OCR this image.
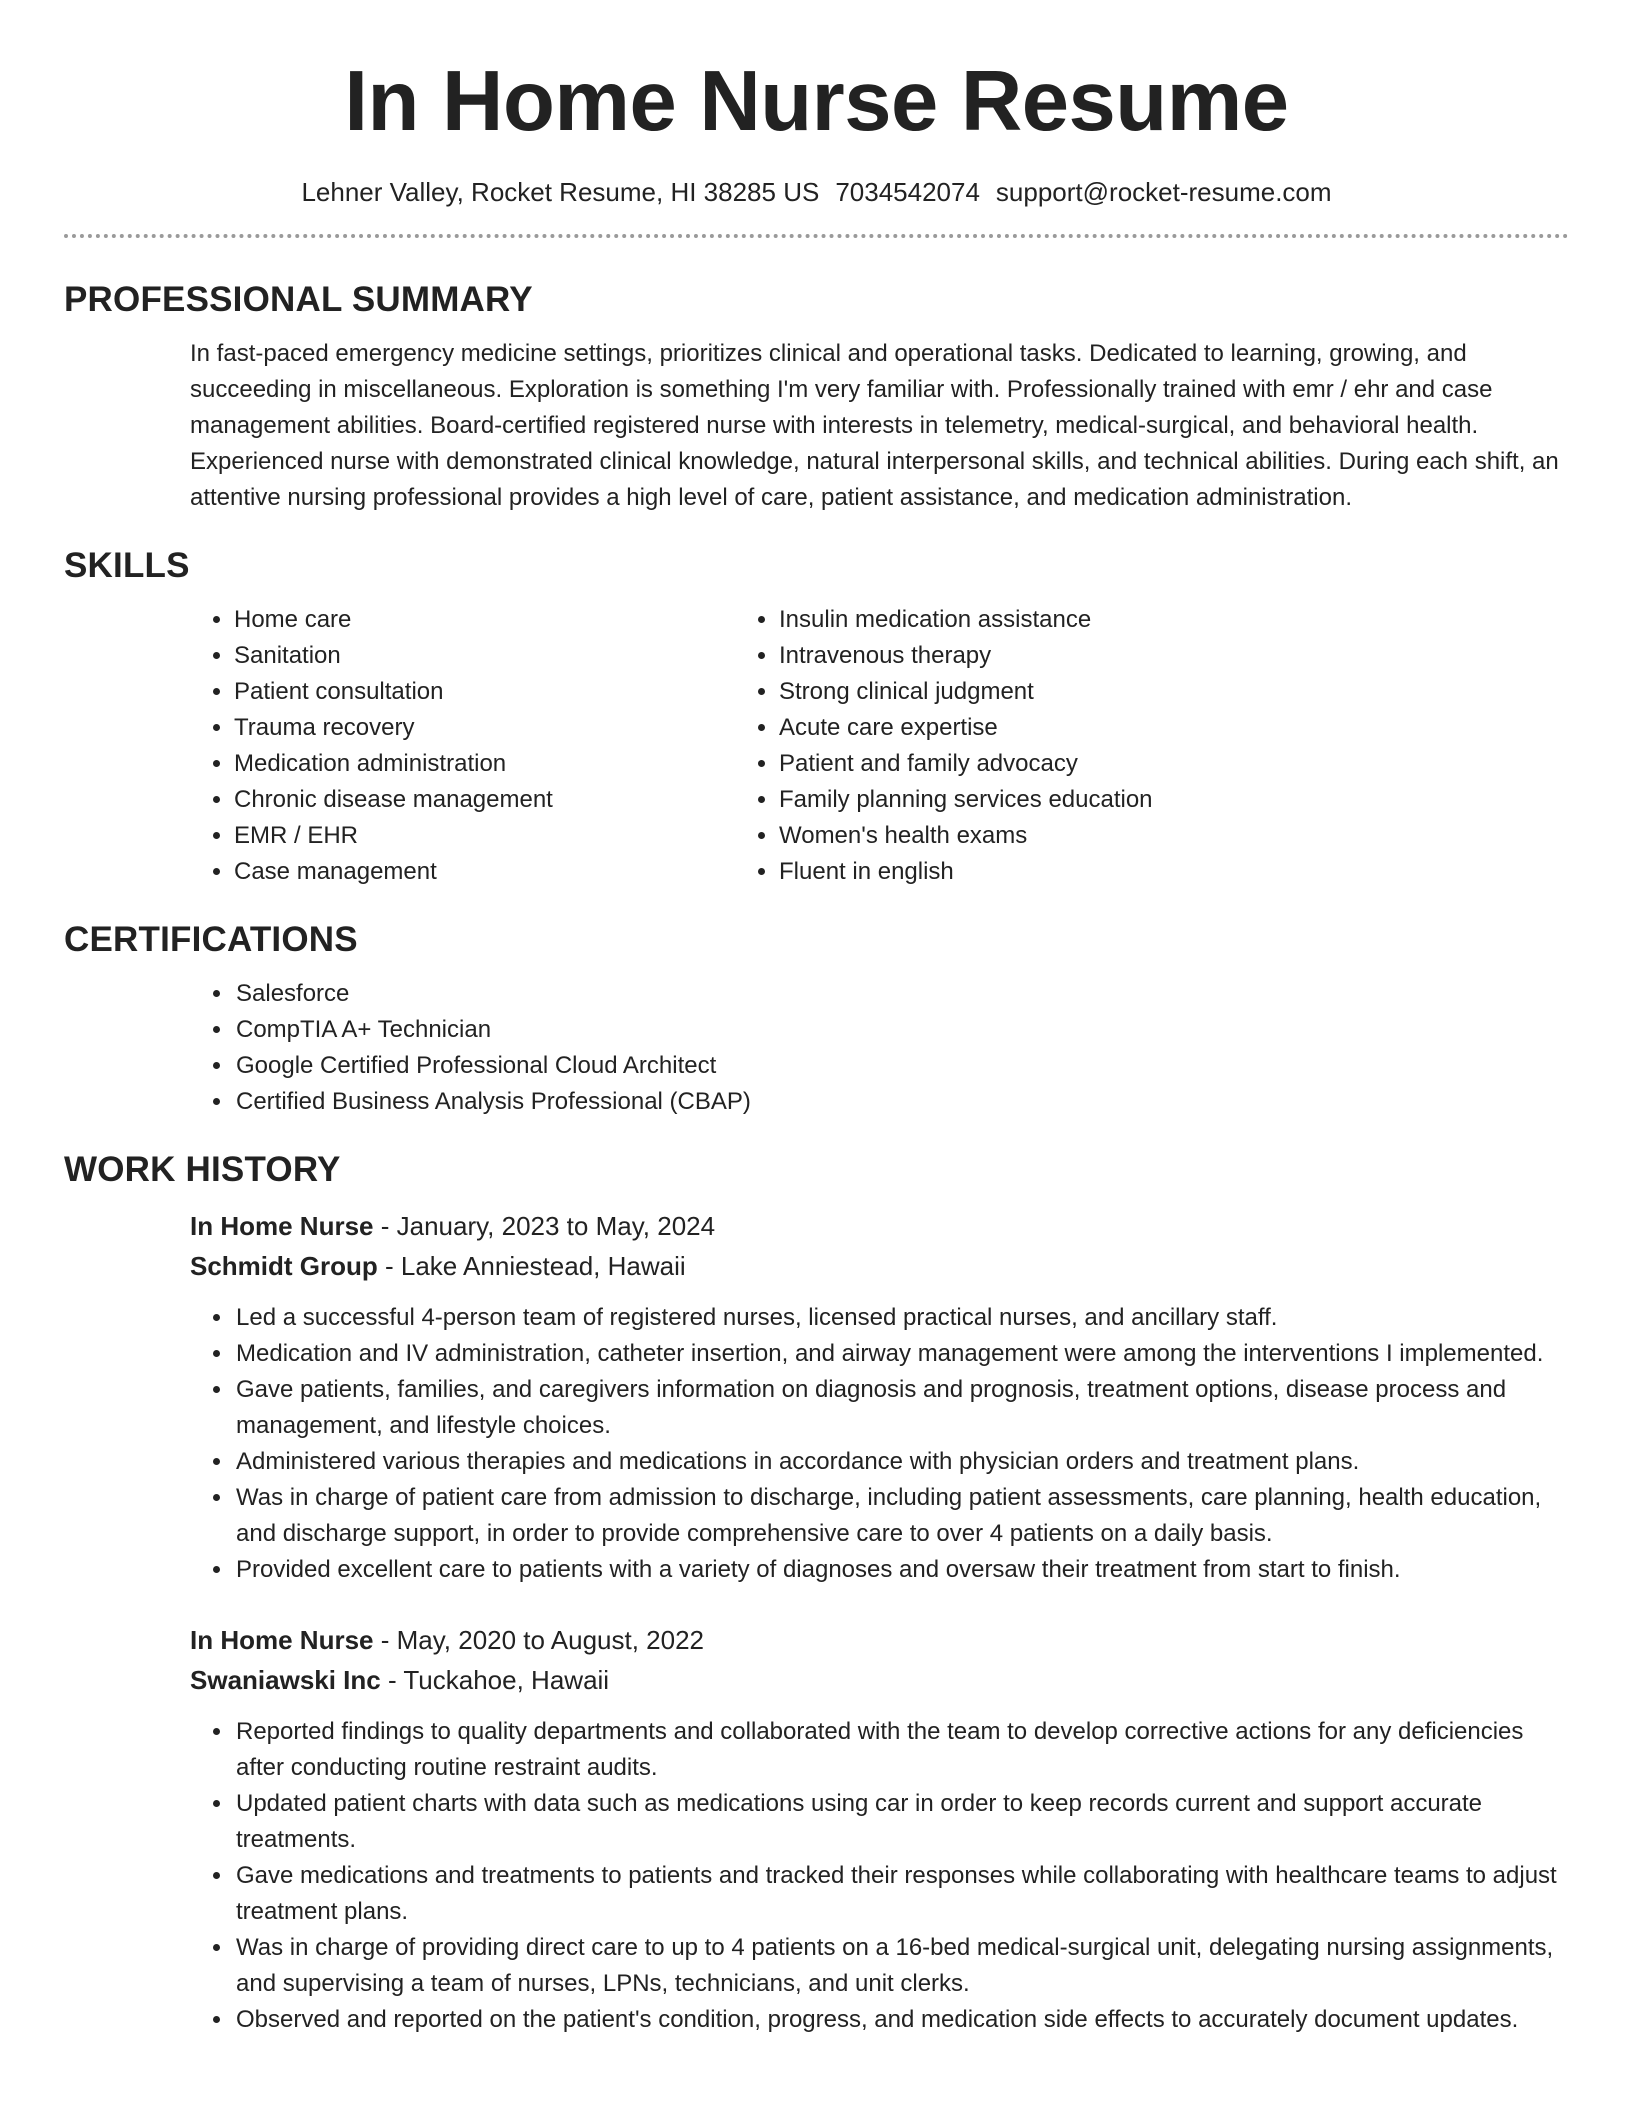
In Home Nurse Resume
Lehner Valley, Rocket Resume, HI 38285 US 7034542074 support@rocket-resume.com
PROFESSIONAL SUMMARY

In fast-paced emergency medicine settings, prioritizes clinical and operational tasks. Dedicated to learning, growing, and succeeding in miscellaneous. Exploration is something I'm very familiar with. Professionally trained with emr / ehr and case management abilities. Board-certified registered nurse with interests in telemetry, medical-surgical, and behavioral health. Experienced nurse with demonstrated clinical knowledge, natural interpersonal skills, and technical abilities. During each shift, an attentive nursing professional provides a high level of care, patient assistance, and medication administration.

SKILLS
• Home care
• Sanitation
• Patient consultation
• Trauma recovery
• Medication administration
• Chronic disease management
• EMR / EHR
• Case management
• Insulin medication assistance
• Intravenous therapy
• Strong clinical judgment
• Acute care expertise
• Patient and family advocacy
• Family planning services education
• Women's health exams
• Fluent in english
CERTIFICATIONS
• Salesforce
• CompTIA A+ Technician
• Google Certified Professional Cloud Architect
• Certified Business Analysis Professional (CBAP)
WORK HISTORY
In Home Nurse - January, 2023 to May, 2024
Schmidt Group - Lake Anniestead, Hawaii
• Led a successful 4-person team of registered nurses, licensed practical nurses, and ancillary staff.
• Medication and IV administration, catheter insertion, and airway management were among the interventions I implemented.
• Gave patients, families, and caregivers information on diagnosis and prognosis, treatment options, disease process and management, and lifestyle choices.
• Administered various therapies and medications in accordance with physician orders and treatment plans.
• Was in charge of patient care from admission to discharge, including patient assessments, care planning, health education, and discharge support, in order to provide comprehensive care to over 4 patients on a daily basis.
• Provided excellent care to patients with a variety of diagnoses and oversaw their treatment from start to finish.
In Home Nurse - May, 2020 to August, 2022
Swaniawski Inc - Tuckahoe, Hawaii
• Reported findings to quality departments and collaborated with the team to develop corrective actions for any deficiencies after conducting routine restraint audits.
• Updated patient charts with data such as medications using car in order to keep records current and support accurate treatments.
• Gave medications and treatments to patients and tracked their responses while collaborating with healthcare teams to adjust treatment plans.
• Was in charge of providing direct care to up to 4 patients on a 16-bed medical-surgical unit, delegating nursing assignments, and supervising a team of nurses, LPNs, technicians, and unit clerks.
• Observed and reported on the patient's condition, progress, and medication side effects to accurately document updates.
